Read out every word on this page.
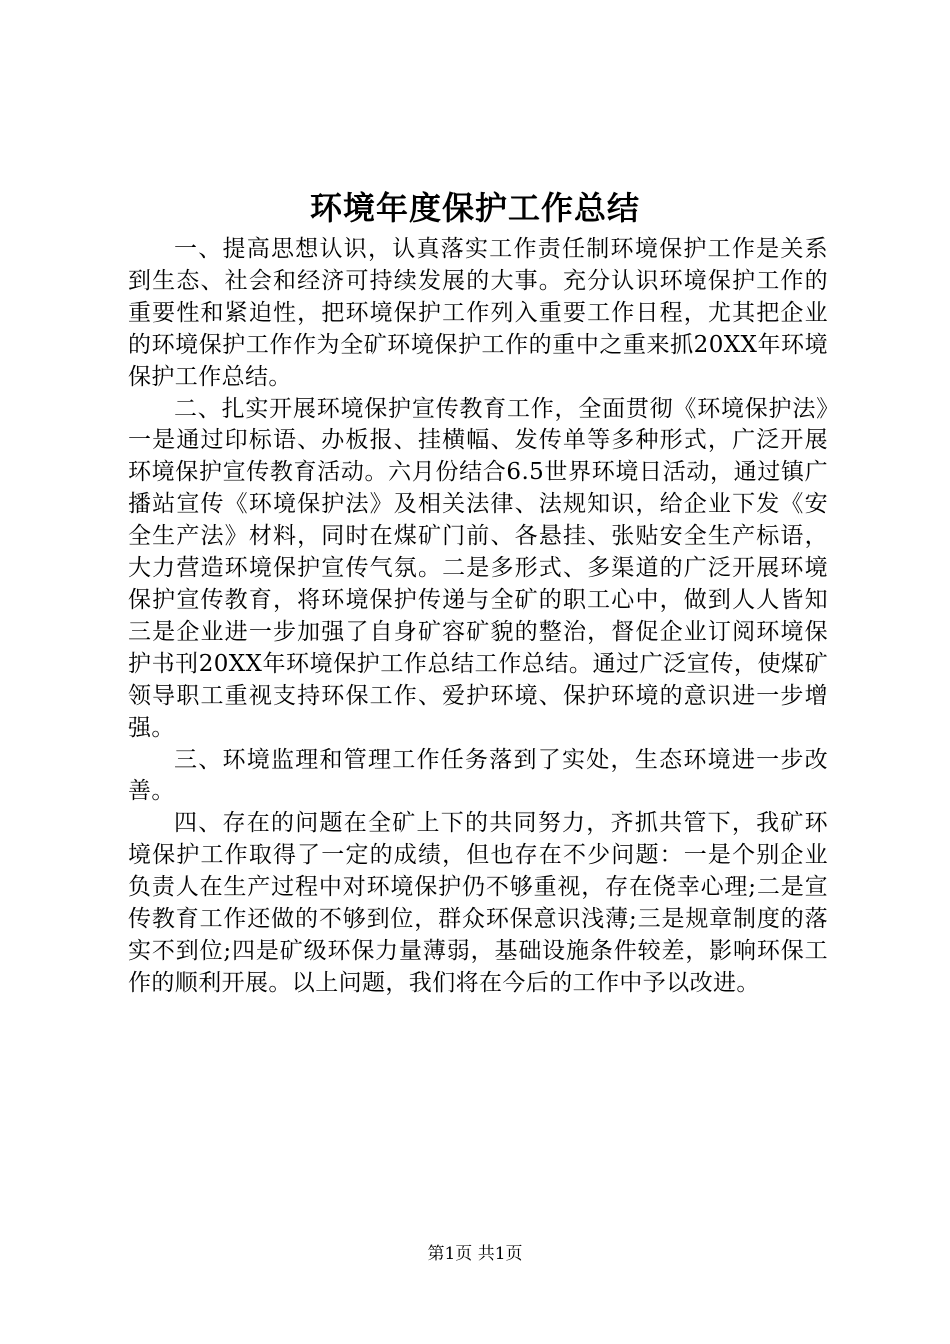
环境年度保护工作总结

一、提高思想认识，认真落实工作责任制环境保护工作是关系到生态、社会和经济可持续发展的大事。充分认识环境保护工作的重要性和紧迫性，把环境保护工作列入重要工作日程，尤其把企业的环境保护工作作为全矿环境保护工作的重中之重来抓20XX年环境保护工作总结。

二、扎实开展环境保护宣传教育工作，全面贯彻《环境保护法》一是通过印标语、办板报、挂横幅、发传单等多种形式，广泛开展环境保护宣传教育活动。六月份结合6.5世界环境日活动，通过镇广播站宣传《环境保护法》及相关法律、法规知识，给企业下发《安全生产法》材料，同时在煤矿门前、各悬挂、张贴安全生产标语，大力营造环境保护宣传气氛。二是多形式、多渠道的广泛开展环境保护宣传教育，将环境保护传递与全矿的职工心中，做到人人皆知三是企业进一步加强了自身矿容矿貌的整治，督促企业订阅环境保护书刊20XX年环境保护工作总结工作总结。通过广泛宣传，使煤矿领导职工重视支持环保工作、爱护环境、保护环境的意识进一步增强。

三、环境监理和管理工作任务落到了实处，生态环境进一步改善。

四、存在的问题在全矿上下的共同努力，齐抓共管下，我矿环境保护工作取得了一定的成绩，但也存在不少问题：一是个别企业负责人在生产过程中对环境保护仍不够重视，存在侥幸心理;二是宣传教育工作还做的不够到位，群众环保意识浅薄;三是规章制度的落实不到位;四是矿级环保力量薄弱，基础设施条件较差，影响环保工作的顺利开展。以上问题，我们将在今后的工作中予以改进。

第1页 共1页
